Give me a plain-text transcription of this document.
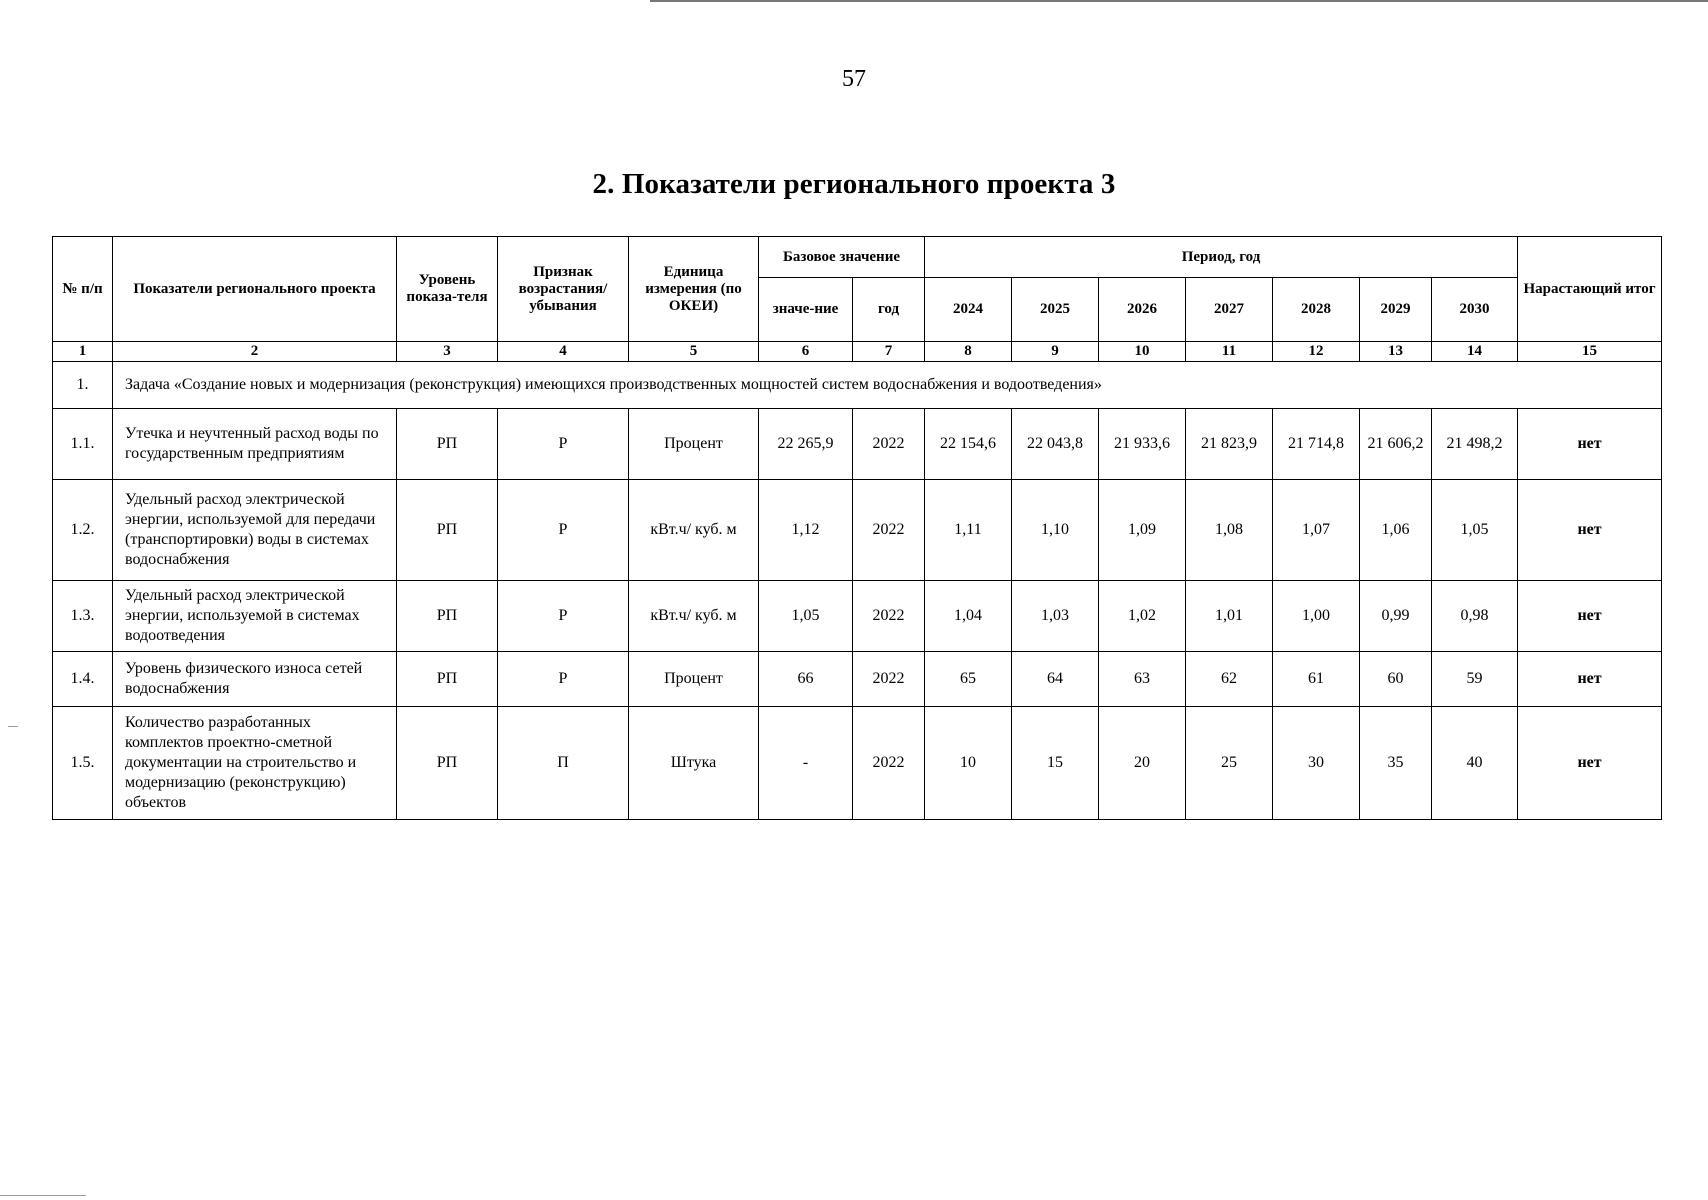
57
2. Показатели регионального проекта 3
№ п/п	Показатели регионального проекта	Уровень показа-теля	Признак возрастания/ убывания	Единица измерения (по ОКЕИ)	Базовое значение		Период, год							Нарастающий итог
					значе-ние	год	2024	2025	2026	2027	2028	2029	2030	
1	2	3	4	5	6	7	8	9	10	11	12	13	14	15
1.	Задача «Создание новых и модернизация (реконструкция) имеющихся производственных мощностей систем водоснабжения и водоотведения»													
1.1.	Утечка и неучтенный расход воды по государственным предприятиям	РП	Р	Процент	22 265,9	2022	22 154,6	22 043,8	21 933,6	21 823,9	21 714,8	21 606,2	21 498,2	нет
1.2.	Удельный расход электрической энергии, используемой для передачи (транспортировки) воды в системах водоснабжения	РП	Р	кВт.ч/ куб. м	1,12	2022	1,11	1,10	1,09	1,08	1,07	1,06	1,05	нет
1.3.	Удельный расход электрической энергии, используемой в системах водоотведения	РП	Р	кВт.ч/ куб. м	1,05	2022	1,04	1,03	1,02	1,01	1,00	0,99	0,98	нет
1.4.	Уровень физического износа сетей водоснабжения	РП	Р	Процент	66	2022	65	64	63	62	61	60	59	нет
1.5.	Количество разработанных комплектов проектно-сметной документации на строительство и модернизацию (реконструкцию) объектов	РП	П	Штука	-	2022	10	15	20	25	30	35	40	нет
